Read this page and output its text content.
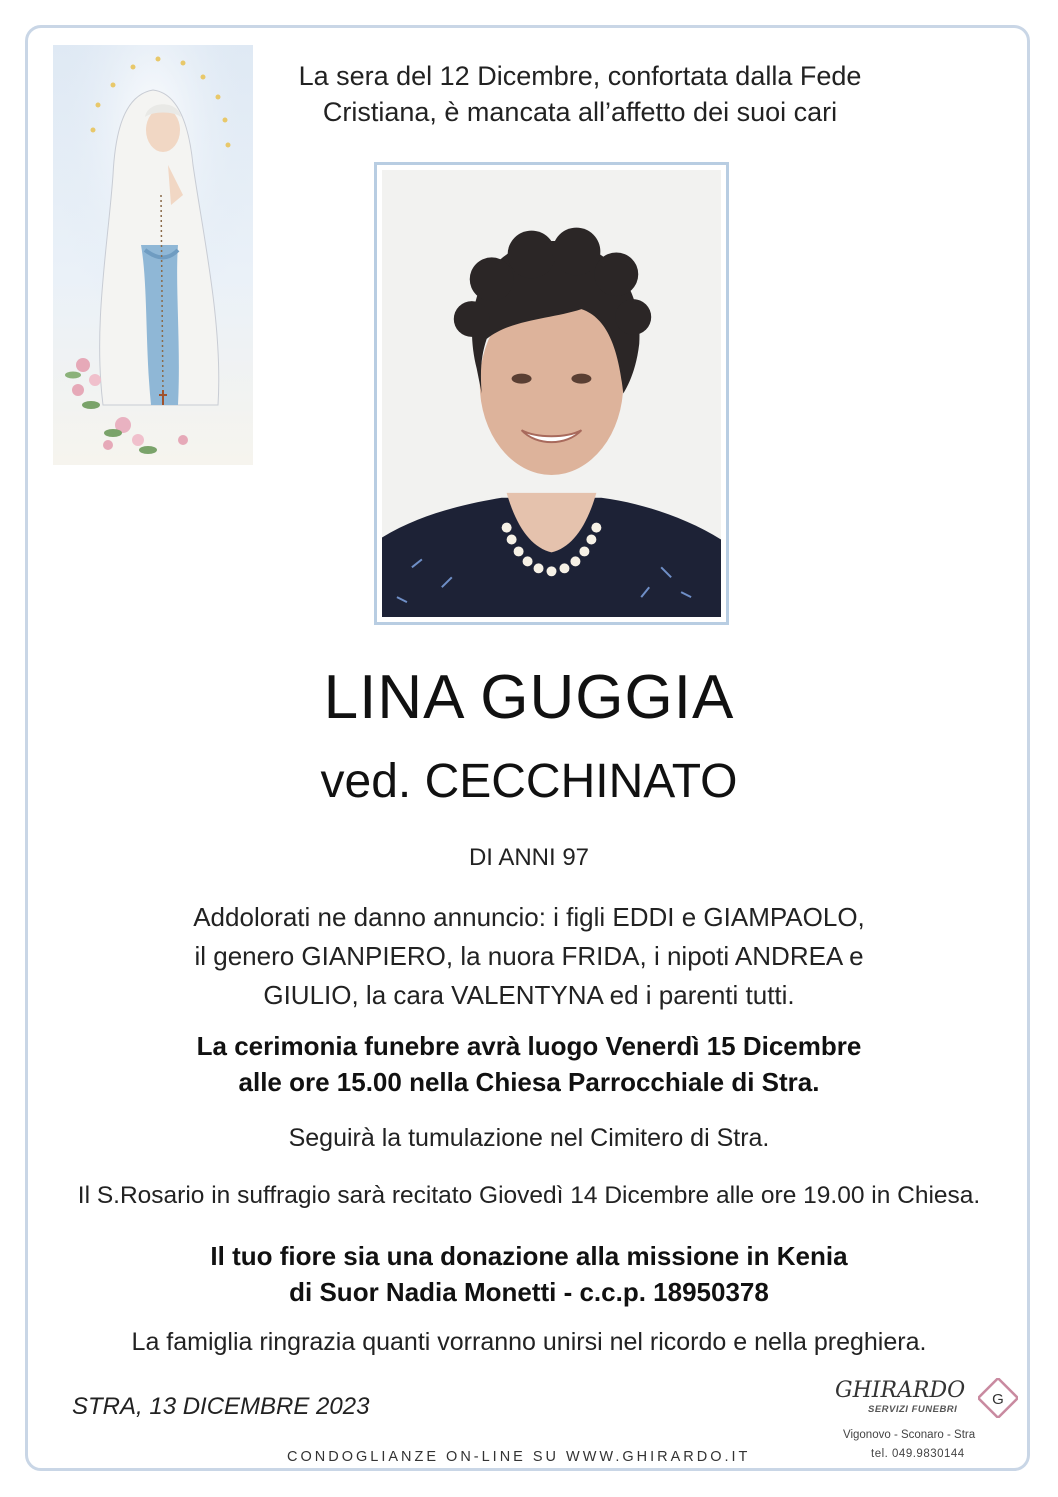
La sera del 12 Dicembre, confortata dalla Fede
Cristiana, è mancata all’affetto dei suoi cari
LINA GUGGIA
ved. CECCHINATO
DI ANNI 97
Addolorati ne danno annuncio: i figli EDDI e GIAMPAOLO,
il genero GIANPIERO, la nuora FRIDA, i nipoti ANDREA e
GIULIO, la cara VALENTYNA ed i parenti tutti.
La cerimonia funebre avrà luogo Venerdì 15 Dicembre
alle ore 15.00 nella Chiesa Parrocchiale di Stra.
Seguirà la tumulazione nel Cimitero di Stra.
Il S.Rosario in suffragio sarà recitato Giovedì 14 Dicembre alle ore 19.00 in Chiesa.
Il tuo fiore sia una donazione alla missione in Kenia
di Suor Nadia Monetti - c.c.p. 18950378
La famiglia ringrazia quanti vorranno unirsi nel ricordo e nella preghiera.
STRA, 13 DICEMBRE 2023
CONDOGLIANZE ON-LINE SU WWW.GHIRARDO.IT
GHIRARDO
SERVIZI FUNEBRI
G
Vigonovo - Sconaro - Stra
tel. 049.9830144
